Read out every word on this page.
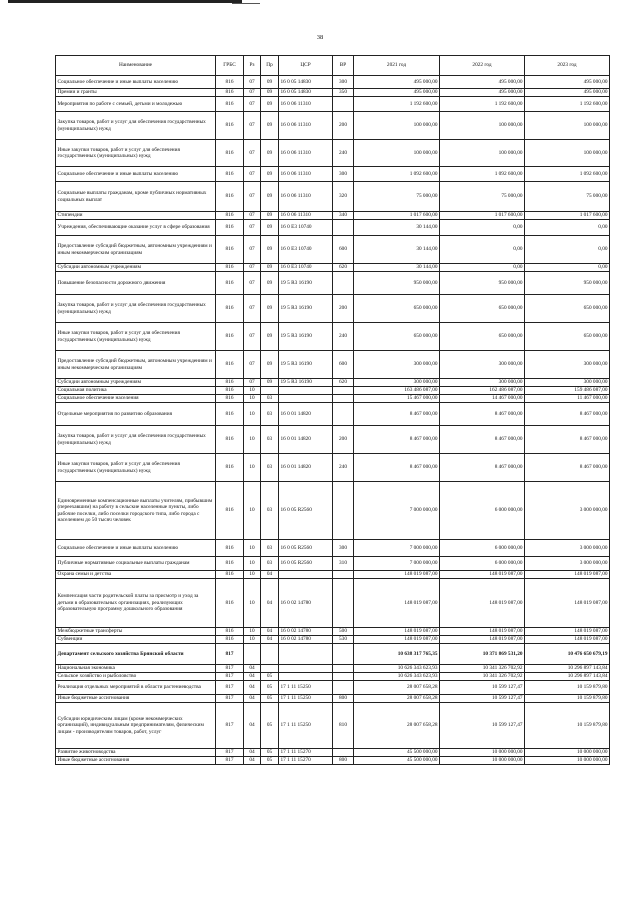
38
Наименование	ГРБС	Рз	Пр	ЦСР	ВР	2021 год	2022 год	2023 год
Социальное обеспечение и иные выплаты населению	816	07	09	16 0 05 14830	300	495 000,00	495 000,00	495 000,00
Премии и гранты	816	07	09	16 0 05 14830	350	495 000,00	495 000,00	495 000,00
Мероприятия по работе с семьей, детьми и молодежью	816	07	09	16 0 06 11310		1 192 600,00	1 192 600,00	1 192 600,00
Закупка товаров, работ и услуг для обеспечения государственных (муниципальных) нужд	816	07	09	16 0 06 11310	200	100 000,00	100 000,00	100 000,00
Иные закупки товаров, работ и услуг для обеспечения государственных (муниципальных) нужд	816	07	09	16 0 06 11310	240	100 000,00	100 000,00	100 000,00
Социальное обеспечение и иные выплаты населению	816	07	09	16 0 06 11310	300	1 092 600,00	1 092 600,00	1 092 600,00
Социальные выплаты гражданам, кроме публичных нормативных социальных выплат	816	07	09	16 0 06 11310	320	75 000,00	75 000,00	75 000,00
Стипендии	816	07	09	16 0 06 11310	340	1 017 600,00	1 017 600,00	1 017 600,00
Учреждения, обеспечивающие оказание услуг в сфере образования	816	07	09	16 0 E3 10740		30 144,00	0,00	0,00
Предоставление субсидий бюджетным, автономным учреждениям и иным некоммерческим организациям	816	07	09	16 0 E3 10740	600	30 144,00	0,00	0,00
Субсидии автономным учреждениям	816	07	09	16 0 E3 10740	620	30 144,00	0,00	0,00
Повышение безопасности дорожного движения	816	07	09	19 5 R3 16190		950 000,00	950 000,00	950 000,00
Закупка товаров, работ и услуг для обеспечения государственных (муниципальных) нужд	816	07	09	19 5 R3 16190	200	650 000,00	650 000,00	650 000,00
Иные закупки товаров, работ и услуг для обеспечения государственных (муниципальных) нужд	816	07	09	19 5 R3 16190	240	650 000,00	650 000,00	650 000,00
Предоставление субсидий бюджетным, автономным учреждениям и иным некоммерческим организациям	816	07	09	19 5 R3 16190	600	300 000,00	300 000,00	300 000,00
Субсидии автономным учреждениям	816	07	09	19 5 R3 16190	620	300 000,00	300 000,00	300 000,00
Социальная политика	816	10				163 486 087,00	162 486 087,00	159 486 087,00
Социальное обеспечение населения	816	10	03			15 467 000,00	14 467 000,00	11 467 000,00
Отдельные мероприятия по развитию образования	816	10	03	16 0 01 14820		8 467 000,00	8 467 000,00	8 467 000,00
Закупка товаров, работ и услуг для обеспечения государственных (муниципальных) нужд	816	10	03	16 0 01 14820	200	8 467 000,00	8 467 000,00	8 467 000,00
Иные закупки товаров, работ и услуг для обеспечения государственных (муниципальных) нужд	816	10	03	16 0 01 14820	240	8 467 000,00	8 467 000,00	8 467 000,00
Единовременные компенсационные выплаты учителям, прибывшим (переехавшим) на работу в сельские населенные пункты, либо рабочие поселки, либо поселки городского типа, либо города с населением до 50 тысяч человек	816	10	03	16 0 05 R2560		7 000 000,00	6 000 000,00	3 000 000,00
Социальное обеспечение и иные выплаты населению	816	10	03	16 0 05 R2560	300	7 000 000,00	6 000 000,00	3 000 000,00
Публичные нормативные социальные выплаты гражданам	816	10	03	16 0 05 R2560	310	7 000 000,00	6 000 000,00	3 000 000,00
Охрана семьи и детства	816	10	04			148 019 087,00	148 019 087,00	148 019 087,00
Компенсация части родительской платы за присмотр и уход за детьми в образовательных организациях, реализующих образовательную программу дошкольного образования	816	10	04	16 0 02 14780		148 019 087,00	148 019 087,00	148 019 087,00
Межбюджетные трансферты	816	10	04	16 0 02 14780	500	148 019 087,00	148 019 087,00	148 019 087,00
Субвенции	816	10	04	16 0 02 14780	530	148 019 087,00	148 019 087,00	148 019 087,00
Департамент сельского хозяйства Брянской области	817					10 638 317 765,35	10 371 869 531,20	10 476 650 679,19
Национальная экономика	817	04				10 626 343 623,93	10 341 326 702,92	10 296 897 143,84
Сельское хозяйство и рыболовство	817	04	05			10 626 343 623,93	10 341 326 702,92	10 296 897 143,84
Реализация отдельных мероприятий в области растениеводства	817	04	05	17 1 11 15250		28 007 658,28	10 599 127,47	10 159 879,80
Иные бюджетные ассигнования	817	04	05	17 1 11 15250	800	28 007 658,28	10 599 127,47	10 159 879,80
Субсидии юридическим лицам (кроме некоммерческих организаций), индивидуальным предпринимателям, физическим лицам - производителям товаров, работ, услуг	817	04	05	17 1 11 15250	810	28 007 658,28	10 599 127,47	10 159 879,80
Развитие животноводства	817	04	05	17 1 11 15270		45 500 000,00	10 000 000,00	10 000 000,00
Иные бюджетные ассигнования	817	04	05	17 1 11 15270	800	45 500 000,00	10 000 000,00	10 000 000,00
